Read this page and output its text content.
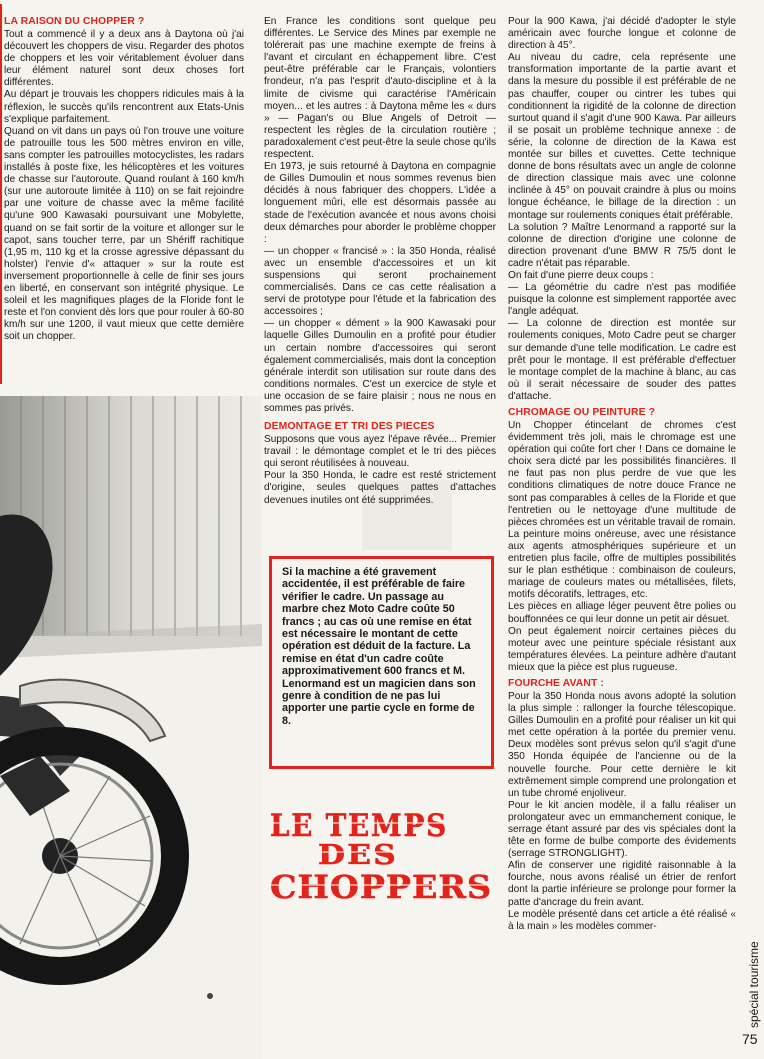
LA RAISON DU CHOPPER ?

Tout a commencé il y a deux ans à Daytona où j'ai découvert les choppers de visu. Regarder des photos de choppers et les voir véritablement évoluer dans leur élément naturel sont deux choses fort différentes.

Au départ je trouvais les choppers ridicules mais à la réflexion, le succès qu'ils rencontrent aux Etats-Unis s'explique parfaitement.

Quand on vit dans un pays où l'on trouve une voiture de patrouille tous les 500 mètres environ en ville, sans compter les patrouilles motocyclistes, les radars installés à poste fixe, les hélicoptères et les voitures de chasse sur l'autoroute. Quand roulant à 160 km/h (sur une autoroute limitée à 110) on se fait rejoindre par une voiture de chasse avec la même facilité qu'une 900 Kawasaki poursuivant une Mobylette, quand on se fait sortir de la voiture et allonger sur le capot, sans toucher terre, par un Shériff rachitique (1,95 m, 110 kg et la crosse agressive dépassant du holster) l'envie d'« attaquer » sur la route est inversement proportionnelle à celle de finir ses jours en liberté, en conservant son intégrité physique. Le soleil et les magnifiques plages de la Floride font le reste et l'on convient dès lors que pour rouler à 60-80 km/h sur une 1200, il vaut mieux que cette dernière soit un chopper.

En France les conditions sont quelque peu différentes. Le Service des Mines par exemple ne tolérerait pas une machine exempte de freins à l'avant et circulant en échappement libre. C'est peut-être préférable car le Français, volontiers frondeur, n'a pas l'esprit d'auto-discipline et à la limite de civisme qui caractérise l'Américain moyen... et les autres : à Daytona même les « durs » — Pagan's ou Blue Angels of Detroit — respectent les règles de la circulation routière ; paradoxalement c'est peut-être la seule chose qu'ils respectent.

En 1973, je suis retourné à Daytona en compagnie de Gilles Dumoulin et nous sommes revenus bien décidés à nous fabriquer des choppers. L'idée a longuement mûri, elle est désormais passée au stade de l'exécution avancée et nous avons choisi deux démarches pour aborder le problème chopper :

— un chopper « francisé » : la 350 Honda, réalisé avec un ensemble d'accessoires et un kit suspensions qui seront prochainement commercialisés. Dans ce cas cette réalisation a servi de prototype pour l'étude et la fabrication des accessoires ;

— un chopper « dément » la 900 Kawasaki pour laquelle Gilles Dumoulin en a profité pour étudier un certain nombre d'accessoires qui seront également commercialisés, mais dont la conception générale interdit son utilisation sur route dans des conditions normales. C'est un exercice de style et une occasion de se faire plaisir ; nous ne nous en sommes pas privés.

DEMONTAGE ET TRI DES PIECES

Supposons que vous ayez l'épave rêvée... Premier travail : le démontage complet et le tri des pièces qui seront réutilisées à nouveau.

Pour la 350 Honda, le cadre est resté strictement d'origine, seules quelques pattes d'attaches devenues inutiles ont été supprimées.

Si la machine a été gravement accidentée, il est préférable de faire vérifier le cadre. Un passage au marbre chez Moto Cadre coûte 50 francs ; au cas où une remise en état est nécessaire le montant de cette opération est déduit de la facture. La remise en état d'un cadre coûte approximativement 600 francs et M. Lenormand est un magicien dans son genre à condition de ne pas lui apporter une partie cycle en forme de 8.
LE TEMPS
DES
CHOPPERS

Pour la 900 Kawa, j'ai décidé d'adopter le style américain avec fourche longue et colonne de direction à 45°.

Au niveau du cadre, cela représente une transformation importante de la partie avant et dans la mesure du possible il est préférable de ne pas chauffer, couper ou cintrer les tubes qui conditionnent la rigidité de la colonne de direction surtout quand il s'agit d'une 900 Kawa. Par ailleurs il se posait un problème technique annexe : de série, la colonne de direction de la Kawa est montée sur billes et cuvettes. Cette technique donne de bons résultats avec un angle de colonne de direction classique mais avec une colonne inclinée à 45° on pouvait craindre à plus ou moins longue échéance, le billage de la direction : un montage sur roulements coniques était préférable.

La solution ? Maître Lenormand a rapporté sur la colonne de direction d'origine une colonne de direction provenant d'une BMW R 75/5 dont le cadre n'était pas réparable.

On fait d'une pierre deux coups :

— La géométrie du cadre n'est pas modifiée puisque la colonne est simplement rapportée avec l'angle adéquat.

— La colonne de direction est montée sur roulements coniques, Moto Cadre peut se charger sur demande d'une telle modification. Le cadre est prêt pour le montage. Il est préférable d'effectuer le montage complet de la machine à blanc, au cas où il serait nécessaire de souder des pattes d'attache.

CHROMAGE OU PEINTURE ?

Un Chopper étincelant de chromes c'est évidemment très joli, mais le chromage est une opération qui coûte fort cher ! Dans ce domaine le choix sera dicté par les possibilités financières. Il ne faut pas non plus perdre de vue que les conditions climatiques de notre douce France ne sont pas comparables à celles de la Floride et que l'entretien ou le nettoyage d'une multitude de pièces chromées est un véritable travail de romain.

La peinture moins onéreuse, avec une résistance aux agents atmosphériques supérieure et un entretien plus facile, offre de multiples possibilités sur le plan esthétique : combinaison de couleurs, mariage de couleurs mates ou métallisées, filets, motifs décoratifs, lettrages, etc.

Les pièces en alliage léger peuvent être polies ou bouffonnées ce qui leur donne un petit air désuet.

On peut également noircir certaines pièces du moteur avec une peinture spéciale résistant aux températures élevées. La peinture adhère d'autant mieux que la pièce est plus rugueuse.

FOURCHE AVANT :

Pour la 350 Honda nous avons adopté la solution la plus simple : rallonger la fourche télescopique. Gilles Dumoulin en a profité pour réaliser un kit qui met cette opération à la portée du premier venu. Deux modèles sont prévus selon qu'il s'agit d'une 350 Honda équipée de l'ancienne ou de la nouvelle fourche. Pour cette dernière le kit extrêmement simple comprend une prolongation et un tube chromé enjoliveur.

Pour le kit ancien modèle, il a fallu réaliser un prolongateur avec un emmanchement conique, le serrage étant assuré par des vis spéciales dont la tête en forme de bulbe comporte des évidements (serrage STRONGLIGHT).

Afin de conserver une rigidité raisonnable à la fourche, nous avons réalisé un étrier de renfort dont la partie inférieure se prolonge pour former la patte d'ancrage du frein avant.

Le modèle présenté dans cet article a été réalisé « à la main » les modèles commer-

spécial tourisme
75
